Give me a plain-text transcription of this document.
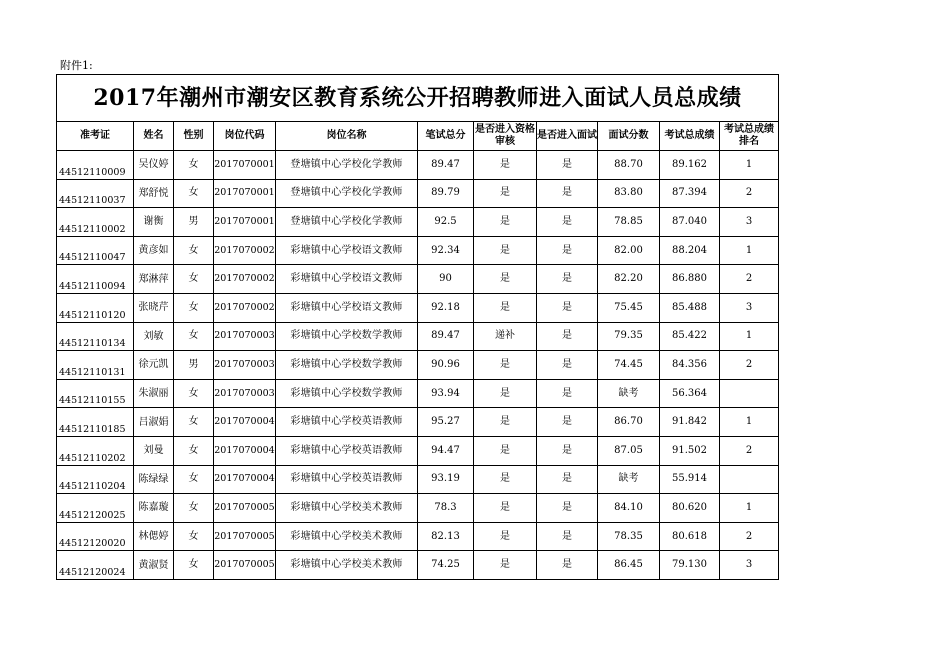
附件1:
2017年潮州市潮安区教育系统公开招聘教师进入面试人员总成绩										
准考证	姓名	性别	岗位代码	岗位名称	笔试总分	是否进入资格审核	是否进入面试	面试分数	考试总成绩	考试总成绩排名
44512110009	吴仪婷	女	2017070001	登塘镇中心学校化学教师	89.47	是	是	88.70	89.162	1
44512110037	郑舒悦	女	2017070001	登塘镇中心学校化学教师	89.79	是	是	83.80	87.394	2
44512110002	谢衡	男	2017070001	登塘镇中心学校化学教师	92.5	是	是	78.85	87.040	3
44512110047	黄彦如	女	2017070002	彩塘镇中心学校语文教师	92.34	是	是	82.00	88.204	1
44512110094	郑淋萍	女	2017070002	彩塘镇中心学校语文教师	90	是	是	82.20	86.880	2
44512110120	张晓芹	女	2017070002	彩塘镇中心学校语文教师	92.18	是	是	75.45	85.488	3
44512110134	刘敏	女	2017070003	彩塘镇中心学校数学教师	89.47	递补	是	79.35	85.422	1
44512110131	徐元凯	男	2017070003	彩塘镇中心学校数学教师	90.96	是	是	74.45	84.356	2
44512110155	朱淑丽	女	2017070003	彩塘镇中心学校数学教师	93.94	是	是	缺考	56.364	
44512110185	吕淑娟	女	2017070004	彩塘镇中心学校英语教师	95.27	是	是	86.70	91.842	1
44512110202	刘曼	女	2017070004	彩塘镇中心学校英语教师	94.47	是	是	87.05	91.502	2
44512110204	陈绿绿	女	2017070004	彩塘镇中心学校英语教师	93.19	是	是	缺考	55.914	
44512120025	陈嘉璇	女	2017070005	彩塘镇中心学校美术教师	78.3	是	是	84.10	80.620	1
44512120020	林偲婷	女	2017070005	彩塘镇中心学校美术教师	82.13	是	是	78.35	80.618	2
44512120024	黄淑贤	女	2017070005	彩塘镇中心学校美术教师	74.25	是	是	86.45	79.130	3
